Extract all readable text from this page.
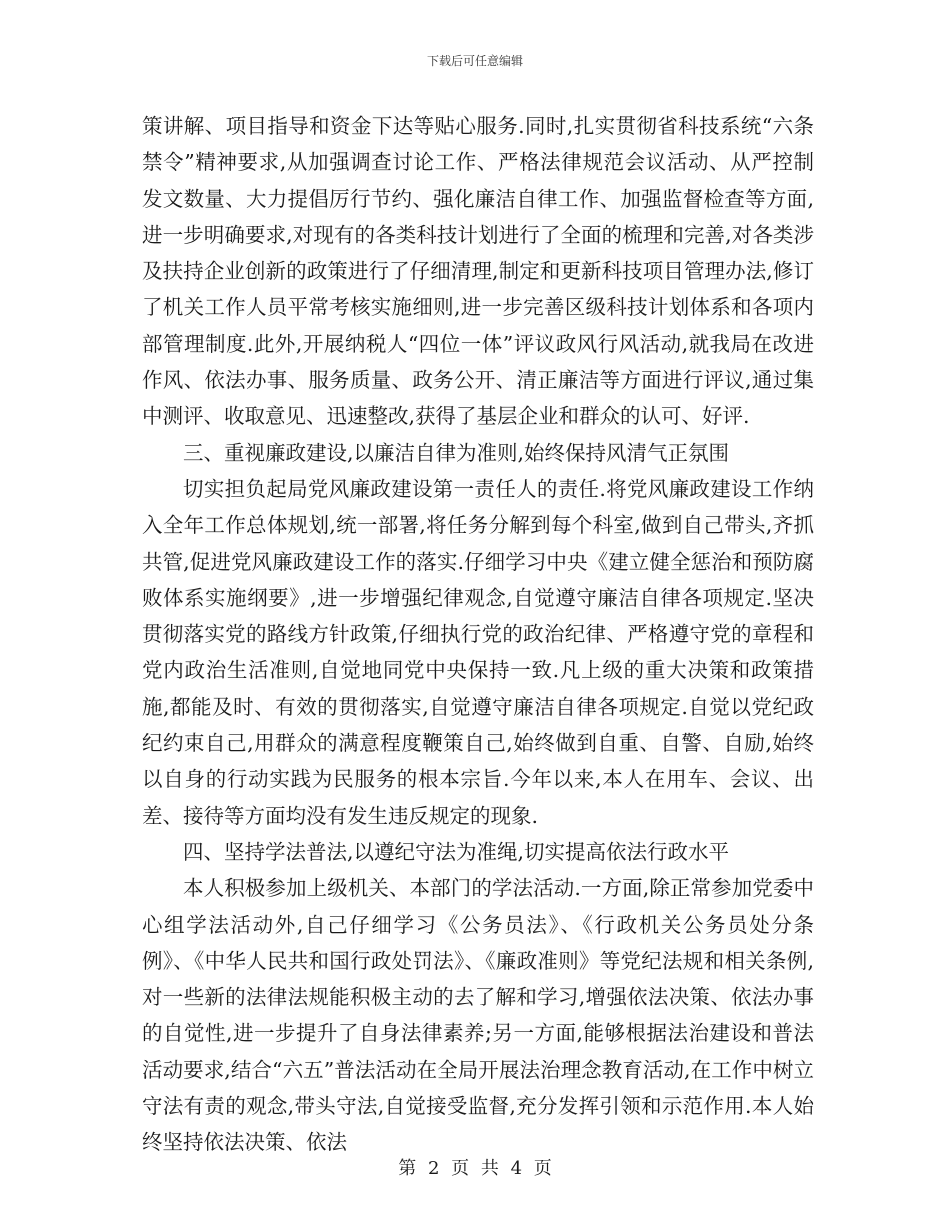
下载后可任意编辑

策讲解、项目指导和资金下达等贴心服务.同时,扎实贯彻省科技系统“六条禁令”精神要求,从加强调查讨论工作、严格法律规范会议活动、从严控制发文数量、大力提倡厉行节约、强化廉洁自律工作、加强监督检查等方面,进一步明确要求,对现有的各类科技计划进行了全面的梳理和完善,对各类涉及扶持企业创新的政策进行了仔细清理,制定和更新科技项目管理办法,修订了机关工作人员平常考核实施细则,进一步完善区级科技计划体系和各项内部管理制度.此外,开展纳税人“四位一体”评议政风行风活动,就我局在改进作风、依法办事、服务质量、政务公开、清正廉洁等方面进行评议,通过集中测评、收取意见、迅速整改,获得了基层企业和群众的认可、好评.

三、重视廉政建设,以廉洁自律为准则,始终保持风清气正氛围

切实担负起局党风廉政建设第一责任人的责任.将党风廉政建设工作纳入全年工作总体规划,统一部署,将任务分解到每个科室,做到自己带头,齐抓共管,促进党风廉政建设工作的落实.仔细学习中央《建立健全惩治和预防腐败体系实施纲要》,进一步增强纪律观念,自觉遵守廉洁自律各项规定.坚决贯彻落实党的路线方针政策,仔细执行党的政治纪律、严格遵守党的章程和党内政治生活准则,自觉地同党中央保持一致.凡上级的重大决策和政策措施,都能及时、有效的贯彻落实,自觉遵守廉洁自律各项规定.自觉以党纪政纪约束自己,用群众的满意程度鞭策自己,始终做到自重、自警、自励,始终以自身的行动实践为民服务的根本宗旨.今年以来,本人在用车、会议、出差、接待等方面均没有发生违反规定的现象.

四、坚持学法普法,以遵纪守法为准绳,切实提高依法行政水平

本人积极参加上级机关、本部门的学法活动.一方面,除正常参加党委中心组学法活动外,自己仔细学习《公务员法》、《行政机关公务员处分条例》、《中华人民共和国行政处罚法》、《廉政准则》等党纪法规和相关条例,对一些新的法律法规能积极主动的去了解和学习,增强依法决策、依法办事的自觉性,进一步提升了自身法律素养;另一方面,能够根据法治建设和普法活动要求,结合“六五”普法活动在全局开展法治理念教育活动,在工作中树立守法有责的观念,带头守法,自觉接受监督,充分发挥引领和示范作用.本人始终坚持依法决策、依法

第 2 页 共 4 页
